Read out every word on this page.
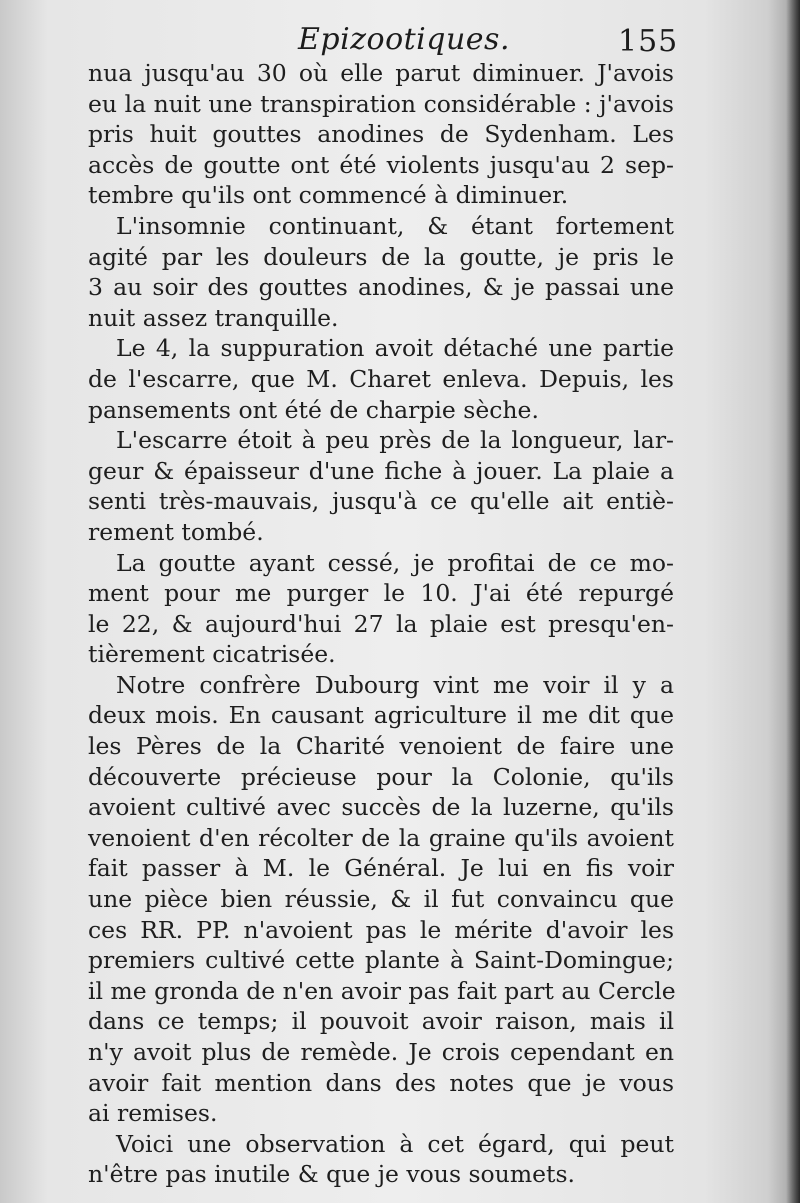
Epizootiques.	155
nua jusqu'au 30 où elle parut diminuer. J'avois
eu la nuit une transpiration considérable : j'avois
pris huit gouttes anodines de Sydenham. Les
accès de goutte ont été violents jusqu'au 2 sep-
tembre qu'ils ont commencé à diminuer.
L'insomnie continuant, & étant fortement
agité par les douleurs de la goutte, je pris le
3 au soir des gouttes anodines, & je passai une
nuit assez tranquille.
Le 4, la suppuration avoit détaché une partie
de l'escarre, que M. Charet enleva. Depuis, les
pansements ont été de charpie sèche.
L'escarre étoit à peu près de la longueur, lar-
geur & épaisseur d'une fiche à jouer. La plaie a
senti très-mauvais, jusqu'à ce qu'elle ait entiè-
rement tombé.
La goutte ayant cessé, je profitai de ce mo-
ment pour me purger le 10. J'ai été repurgé
le 22, & aujourd'hui 27 la plaie est presqu'en-
tièrement cicatrisée.
Notre confrère Dubourg vint me voir il y a
deux mois. En causant agriculture il me dit que
les Pères de la Charité venoient de faire une
découverte précieuse pour la Colonie, qu'ils
avoient cultivé avec succès de la luzerne, qu'ils
venoient d'en récolter de la graine qu'ils avoient
fait passer à M. le Général. Je lui en fis voir
une pièce bien réussie, & il fut convaincu que
ces RR. PP. n'avoient pas le mérite d'avoir les
premiers cultivé cette plante à Saint-Domingue;
il me gronda de n'en avoir pas fait part au Cercle
dans ce temps; il pouvoit avoir raison, mais il
n'y avoit plus de remède. Je crois cependant en
avoir fait mention dans des notes que je vous
ai remises.
Voici une observation à cet égard, qui peut
n'être pas inutile & que je vous soumets.
